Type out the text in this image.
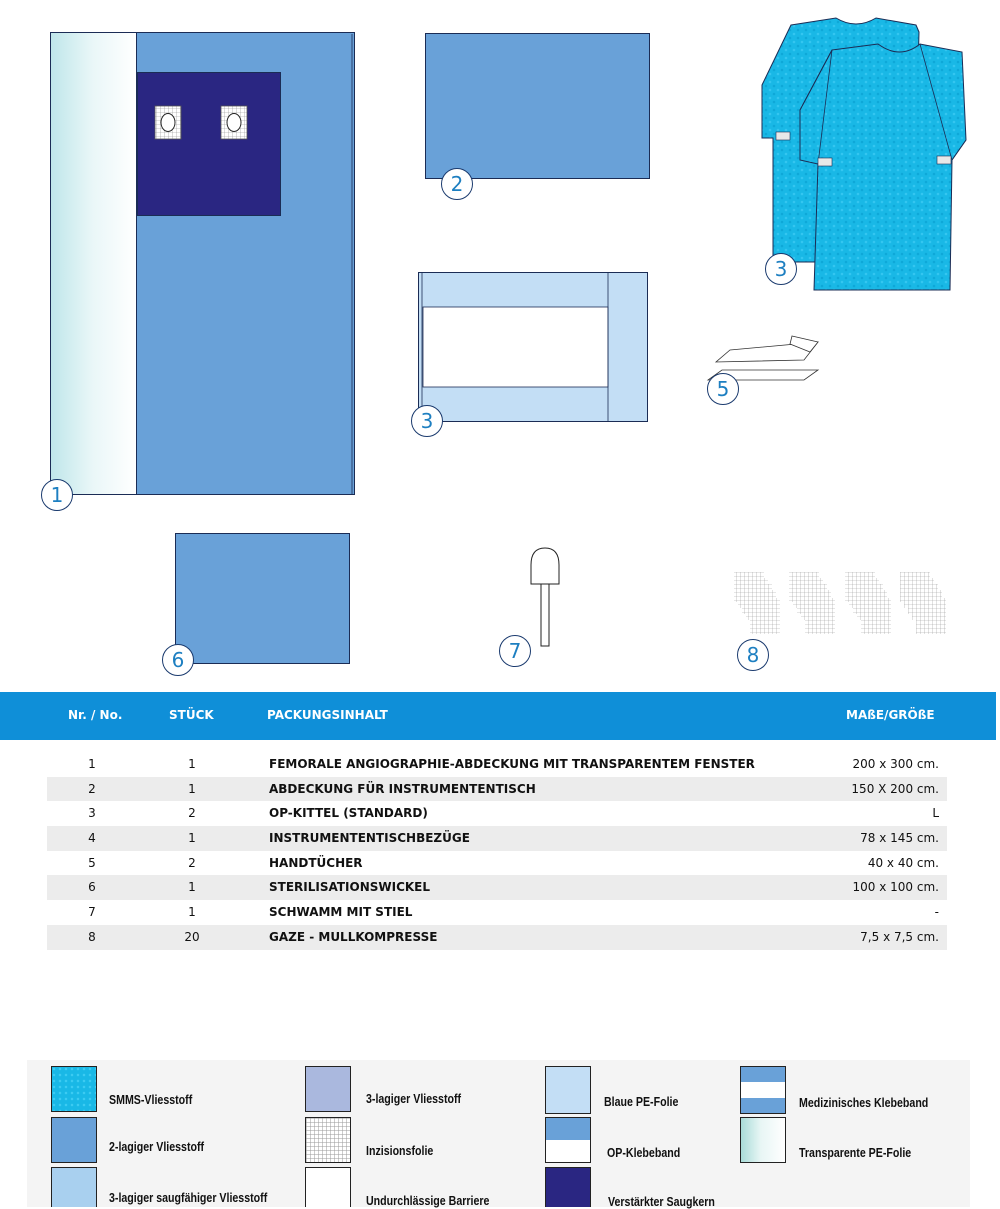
1
2
3
3
5
6	7	8
Nr. / No.	STÜCK	PACKUNGSINHALT	MAßE/GRÖßE
1	1	FEMORALE ANGIOGRAPHIE-ABDECKUNG MIT TRANSPARENTEM FENSTER	200 x 300 cm.
2	1	ABDECKUNG FÜR INSTRUMENTENTISCH	150 X 200 cm.
3	2	OP-KITTEL (STANDARD)	L
4	1	INSTRUMENTENTISCHBEZÜGE	78 x 145 cm.
5	2	HANDTÜCHER	40 x 40 cm.
6	1	STERILISATIONSWICKEL	100 x 100 cm.
7	1	SCHWAMM MIT STIEL	-
8	20	GAZE - MULLKOMPRESSE	7,5 x 7,5 cm.
SMMS-Vliesstoff
2-lagiger Vliesstoff
3-lagiger saugfähiger Vliesstoff
3-lagiger Vliesstoff
Inzisionsfolie
Undurchlässige Barriere
Blaue PE-Folie
OP-Klebeband
Verstärkter Saugkern
Medizinisches Klebeband
Transparente PE-Folie
